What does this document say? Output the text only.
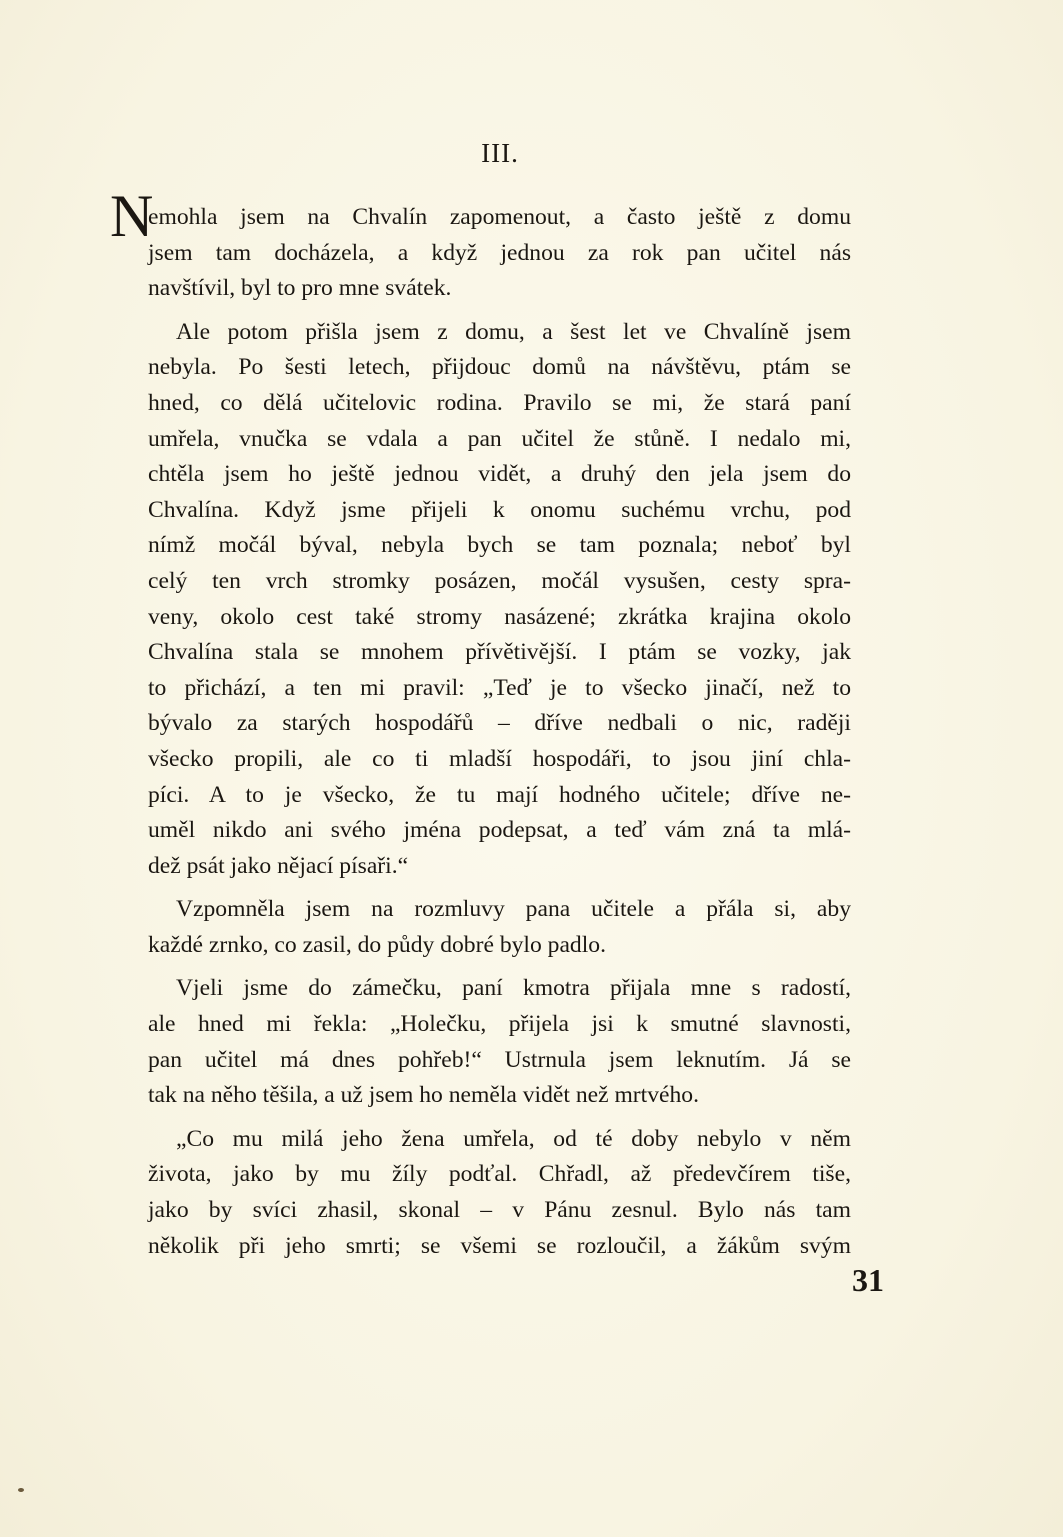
III.
N
emohla jsem na Chvalín zapomenout, a často ještě z domu
jsem tam docházela, a když jednou za rok pan učitel nás
navštívil, byl to pro mne svátek.
Ale potom přišla jsem z domu, a šest let ve Chvalíně jsem
nebyla. Po šesti letech, přijdouc domů na návštěvu, ptám se
hned, co dělá učitelovic rodina. Pravilo se mi, že stará paní
umřela, vnučka se vdala a pan učitel že stůně. I nedalo mi,
chtěla jsem ho ještě jednou vidět, a druhý den jela jsem do
Chvalína. Když jsme přijeli k onomu suchému vrchu, pod
nímž močál býval, nebyla bych se tam poznala; neboť byl
celý ten vrch stromky posázen, močál vysušen, cesty spra-
veny, okolo cest také stromy nasázené; zkrátka krajina okolo
Chvalína stala se mnohem přívětivější. I ptám se vozky, jak
to přichází, a ten mi pravil: „Teď je to všecko jinačí, než to
bývalo za starých hospodářů – dříve nedbali o nic, raději
všecko propili, ale co ti mladší hospodáři, to jsou jiní chla-
píci. A to je všecko, že tu mají hodného učitele; dříve ne-
uměl nikdo ani svého jména podepsat, a teď vám zná ta mlá-
dež psát jako nějací písaři.“
Vzpomněla jsem na rozmluvy pana učitele a přála si, aby
každé zrnko, co zasil, do půdy dobré bylo padlo.
Vjeli jsme do zámečku, paní kmotra přijala mne s radostí,
ale hned mi řekla: „Holečku, přijela jsi k smutné slavnosti,
pan učitel má dnes pohřeb!“ Ustrnula jsem leknutím. Já se
tak na něho těšila, a už jsem ho neměla vidět než mrtvého.
„Co mu milá jeho žena umřela, od té doby nebylo v něm
života, jako by mu žíly podťal. Chřadl, až předevčírem tiše,
jako by svíci zhasil, skonal – v Pánu zesnul. Bylo nás tam
několik při jeho smrti; se všemi se rozloučil, a žákům svým
31
